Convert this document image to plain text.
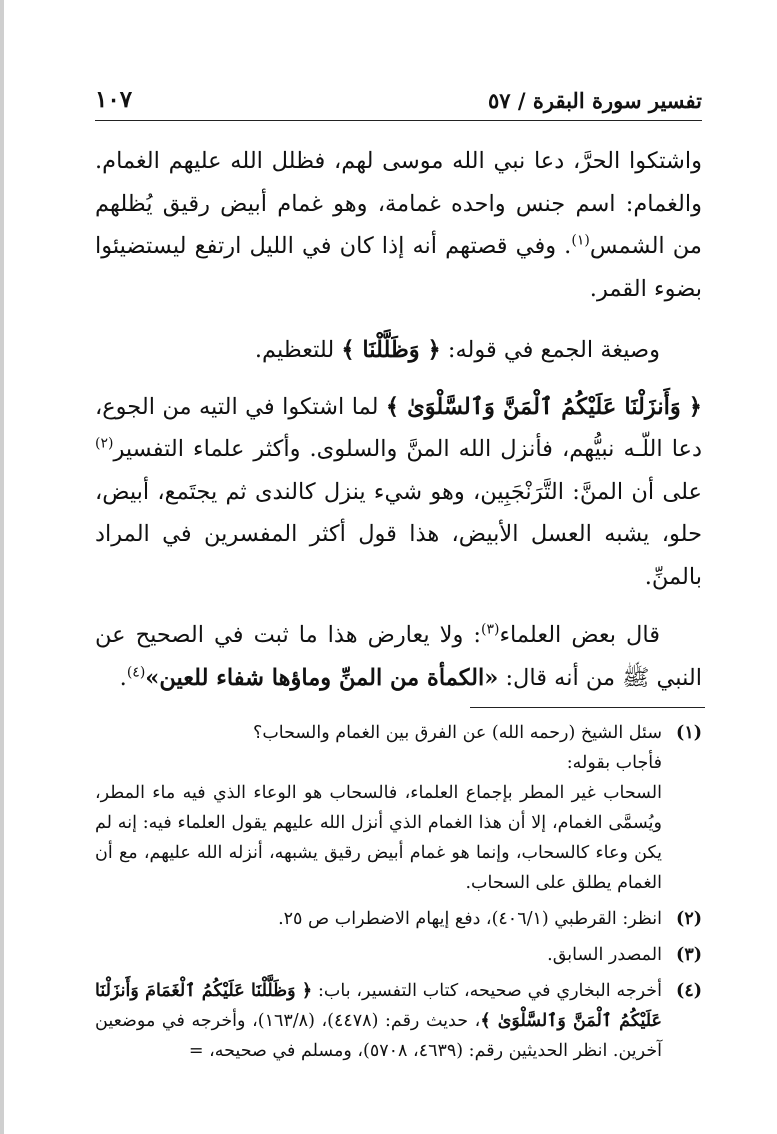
تفسير سورة البقرة / ٥٧
١٠٧

واشتكوا الحرَّ، دعا نبي الله موسى لهم، فظلل الله عليهم الغمام. والغمام: اسم جنس واحده غمامة، وهو غمام أبيض رقيق يُظلهم من الشمس$^{(١)}$. وفي قصتهم أنه إذا كان في الليل ارتفع ليستضيئوا بضوء القمر.

وصيغة الجمع في قوله: ﴿ وَظَلَّلْنَا ﴾ للتعظيم.

﴿ وَأَنزَلْنَا عَلَيْكُمُ ٱلْمَنَّ وَٱلسَّلْوَىٰ ﴾ لما اشتكوا في التيه من الجوع، دعا اللّـه نبيُّهم، فأنزل الله المنَّ والسلوى. وأكثر علماء التفسير$^{(٢)}$ على أن المنَّ: التَّرَنْجَبِين، وهو شيء ينزل كالندى ثم يجتَمع، أبيض، حلو، يشبه العسل الأبيض، هذا قول أكثر المفسرين في المراد بالمنِّ.

قال بعض العلماء$^{(٣)}$: ولا يعارض هذا ما ثبت في الصحيح عن النبي ﷺ من أنه قال: «الكمأة من المنِّ وماؤها شفاء للعين»$^{(٤)}$.

(١)
سئل الشيخ (رحمه الله) عن الفرق بين الغمام والسحاب؟
فأجاب بقوله:
السحاب غير المطر بإجماع العلماء، فالسحاب هو الوعاء الذي فيه ماء المطر، ويُسمَّى الغمام، إلا أن هذا الغمام الذي أنزل الله عليهم يقول العلماء فيه: إنه لم يكن وعاء كالسحاب، وإنما هو غمام أبيض رقيق يشبهه، أنزله الله عليهم، مع أن الغمام يطلق على السحاب.
(٢)
انظر: القرطبي (٤٠٦/١)، دفع إيهام الاضطراب ص ٢٥.
(٣)
المصدر السابق.
(٤)
أخرجه البخاري في صحيحه، كتاب التفسير، باب: ﴿ وَظَلَّلْنَا عَلَيْكُمُ ٱلْغَمَامَ وَأَنزَلْنَا عَلَيْكُمُ ٱلْمَنَّ وَٱلسَّلْوَىٰ ﴾، حديث رقم: (٤٤٧٨)، (١٦٣/٨)، وأخرجه في موضعين آخرين. انظر الحديثين رقم: (٤٦٣٩، ٥٧٠٨)، ومسلم في صحيحه، =
